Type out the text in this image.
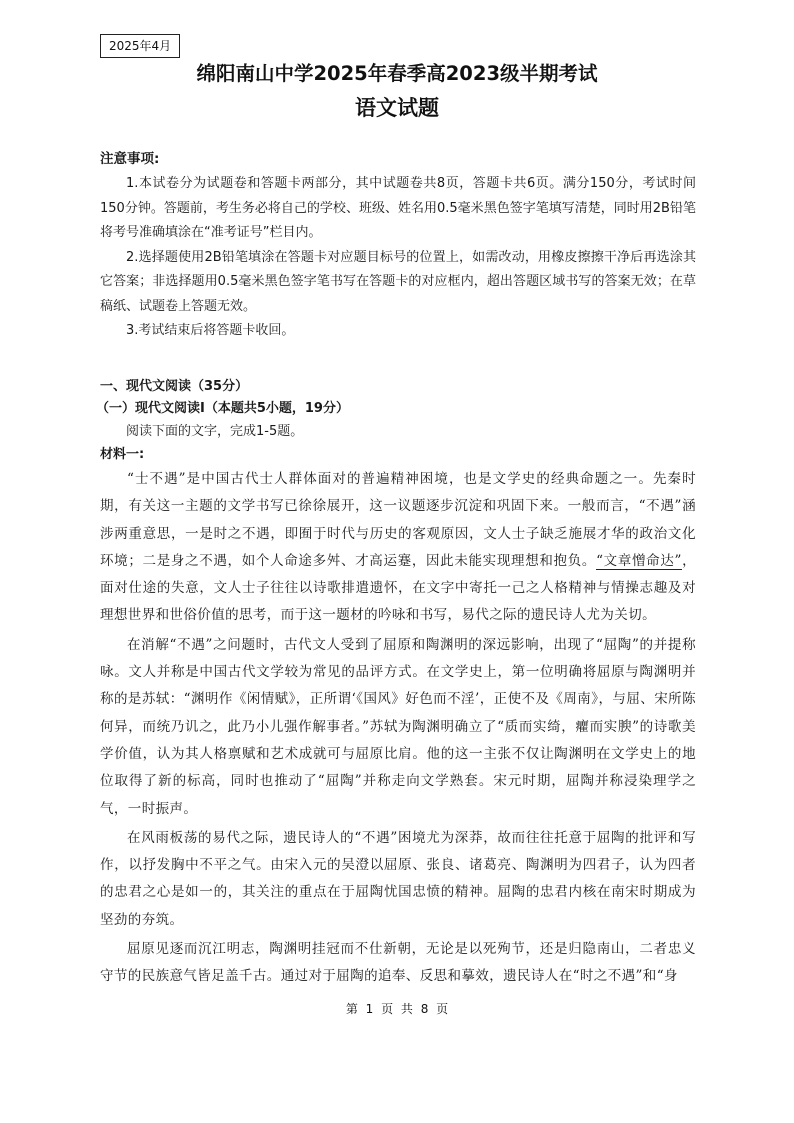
2025年4月
绵阳南山中学2025年春季高2023级半期考试
语文试题
注意事项:

1.本试卷分为试题卷和答题卡两部分，其中试题卷共8页，答题卡共6页。满分150分，考试时间150分钟。答题前，考生务必将自己的学校、班级、姓名用0.5毫米黑色签字笔填写清楚，同时用2B铅笔将考号准确填涂在“准考证号”栏目内。

2.选择题使用2B铅笔填涂在答题卡对应题目标号的位置上，如需改动，用橡皮擦擦干净后再选涂其它答案；非选择题用0.5毫米黑色签字笔书写在答题卡的对应框内，超出答题区域书写的答案无效；在草稿纸、试题卷上答题无效。

3.考试结束后将答题卡收回。

一、现代文阅读（35分）
（一）现代文阅读Ⅰ（本题共5小题，19分）
阅读下面的文字，完成1-5题。
材料一:

“士不遇”是中国古代士人群体面对的普遍精神困境，也是文学史的经典命题之一。先秦时期，有关这一主题的文学书写已徐徐展开，这一议题逐步沉淀和巩固下来。一般而言，“不遇”涵涉两重意思，一是时之不遇，即囿于时代与历史的客观原因，文人士子缺乏施展才华的政治文化环境；二是身之不遇，如个人命途多舛、才高运蹇，因此未能实现理想和抱负。“文章憎命达”，面对仕途的失意，文人士子往往以诗歌排遣遗怀，在文字中寄托一己之人格精神与情操志趣及对理想世界和世俗价值的思考，而于这一题材的吟咏和书写，易代之际的遗民诗人尤为关切。

在消解“不遇”之问题时，古代文人受到了屈原和陶渊明的深远影响，出现了“屈陶”的并提称咏。文人并称是中国古代文学较为常见的品评方式。在文学史上，第一位明确将屈原与陶渊明并称的是苏轼：“渊明作《闲情赋》，正所谓‘《国风》好色而不淫’，正使不及《周南》，与屈、宋所陈何异，而统乃讥之，此乃小儿强作解事者。”苏轼为陶渊明确立了“质而实绮，癯而实腴”的诗歌美学价值，认为其人格禀赋和艺术成就可与屈原比肩。他的这一主张不仅让陶渊明在文学史上的地位取得了新的标高，同时也推动了“屈陶”并称走向文学熟套。宋元时期，屈陶并称浸染理学之气，一时振声。

在风雨板荡的易代之际，遗民诗人的“不遇”困境尤为深莽，故而往往托意于屈陶的批评和写作，以抒发胸中不平之气。由宋入元的吴澄以屈原、张良、诸葛亮、陶渊明为四君子，认为四者的忠君之心是如一的，其关注的重点在于屈陶忧国忠愤的精神。屈陶的忠君内核在南宋时期成为坚劲的夯筑。

屈原见逐而沉江明志，陶渊明挂冠而不仕新朝，无论是以死殉节，还是归隐南山，二者忠义守节的民族意气皆足盖千古。通过对于屈陶的追奉、反思和摹效，遗民诗人在“时之不遇”和“身

第 1 页 共 8 页
